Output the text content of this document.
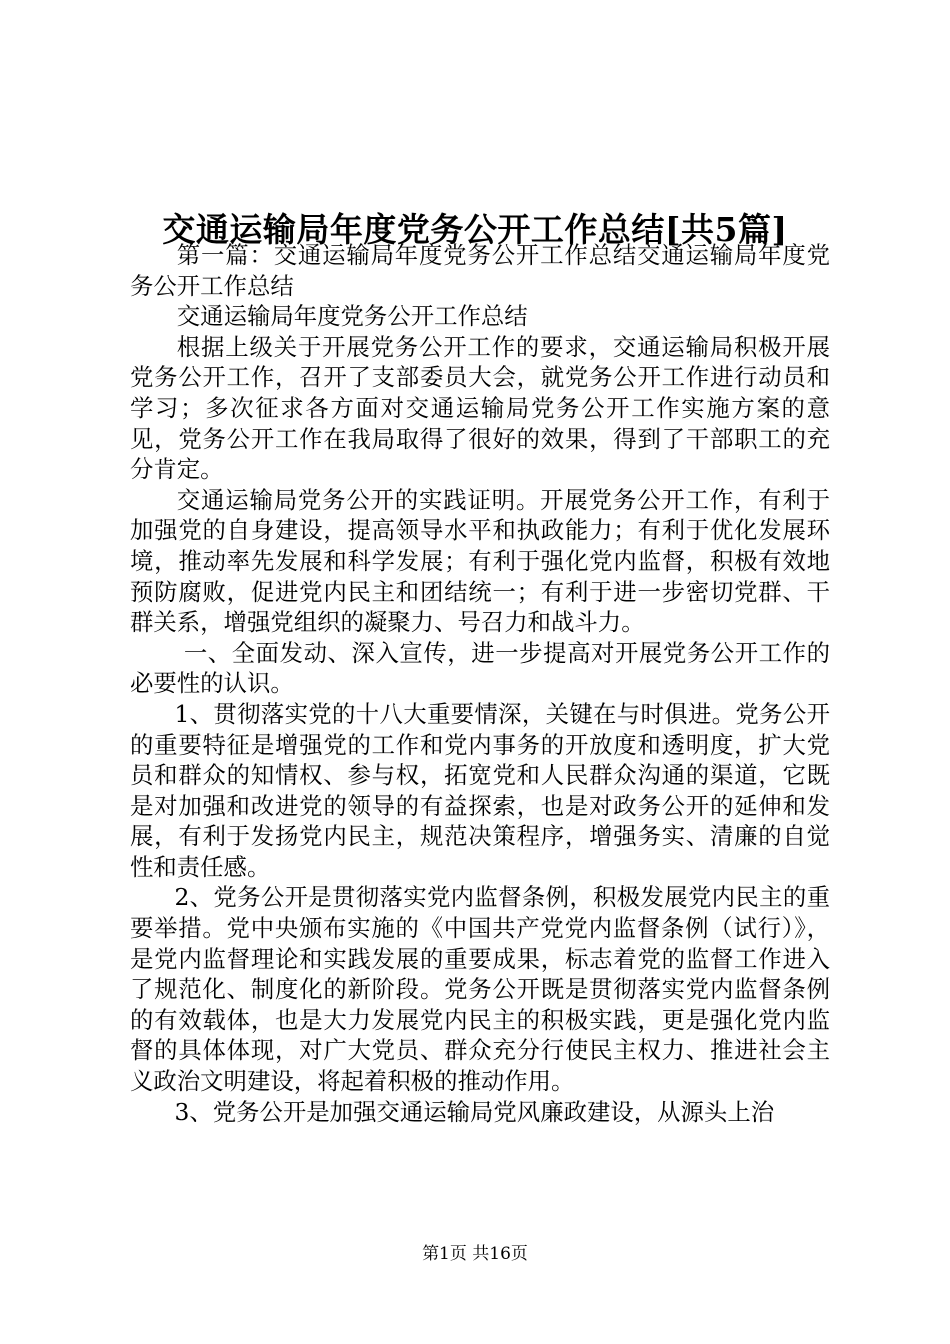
交通运输局年度党务公开工作总结[共5篇]

第一篇：交通运输局年度党务公开工作总结交通运输局年度党务公开工作总结

交通运输局年度党务公开工作总结

根据上级关于开展党务公开工作的要求，交通运输局积极开展党务公开工作，召开了支部委员大会，就党务公开工作进行动员和学习；多次征求各方面对交通运输局党务公开工作实施方案的意见，党务公开工作在我局取得了很好的效果，得到了干部职工的充分肯定。

交通运输局党务公开的实践证明。开展党务公开工作，有利于加强党的自身建设，提高领导水平和执政能力；有利于优化发展环境，推动率先发展和科学发展；有利于强化党内监督，积极有效地预防腐败，促进党内民主和团结统一；有利于进一步密切党群、干群关系，增强党组织的凝聚力、号召力和战斗力。

一、全面发动、深入宣传，进一步提高对开展党务公开工作的必要性的认识。

1、贯彻落实党的十八大重要情深，关键在与时俱进。党务公开的重要特征是增强党的工作和党内事务的开放度和透明度，扩大党员和群众的知情权、参与权，拓宽党和人民群众沟通的渠道，它既是对加强和改进党的领导的有益探索，也是对政务公开的延伸和发展，有利于发扬党内民主，规范决策程序，增强务实、清廉的自觉性和责任感。

2、党务公开是贯彻落实党内监督条例，积极发展党内民主的重要举措。党中央颁布实施的《中国共产党党内监督条例（试行）》，是党内监督理论和实践发展的重要成果，标志着党的监督工作进入了规范化、制度化的新阶段。党务公开既是贯彻落实党内监督条例的有效载体，也是大力发展党内民主的积极实践，更是强化党内监督的具体体现，对广大党员、群众充分行使民主权力、推进社会主义政治文明建设，将起着积极的推动作用。

3、党务公开是加强交通运输局党风廉政建设，从源头上治

第1页 共16页
